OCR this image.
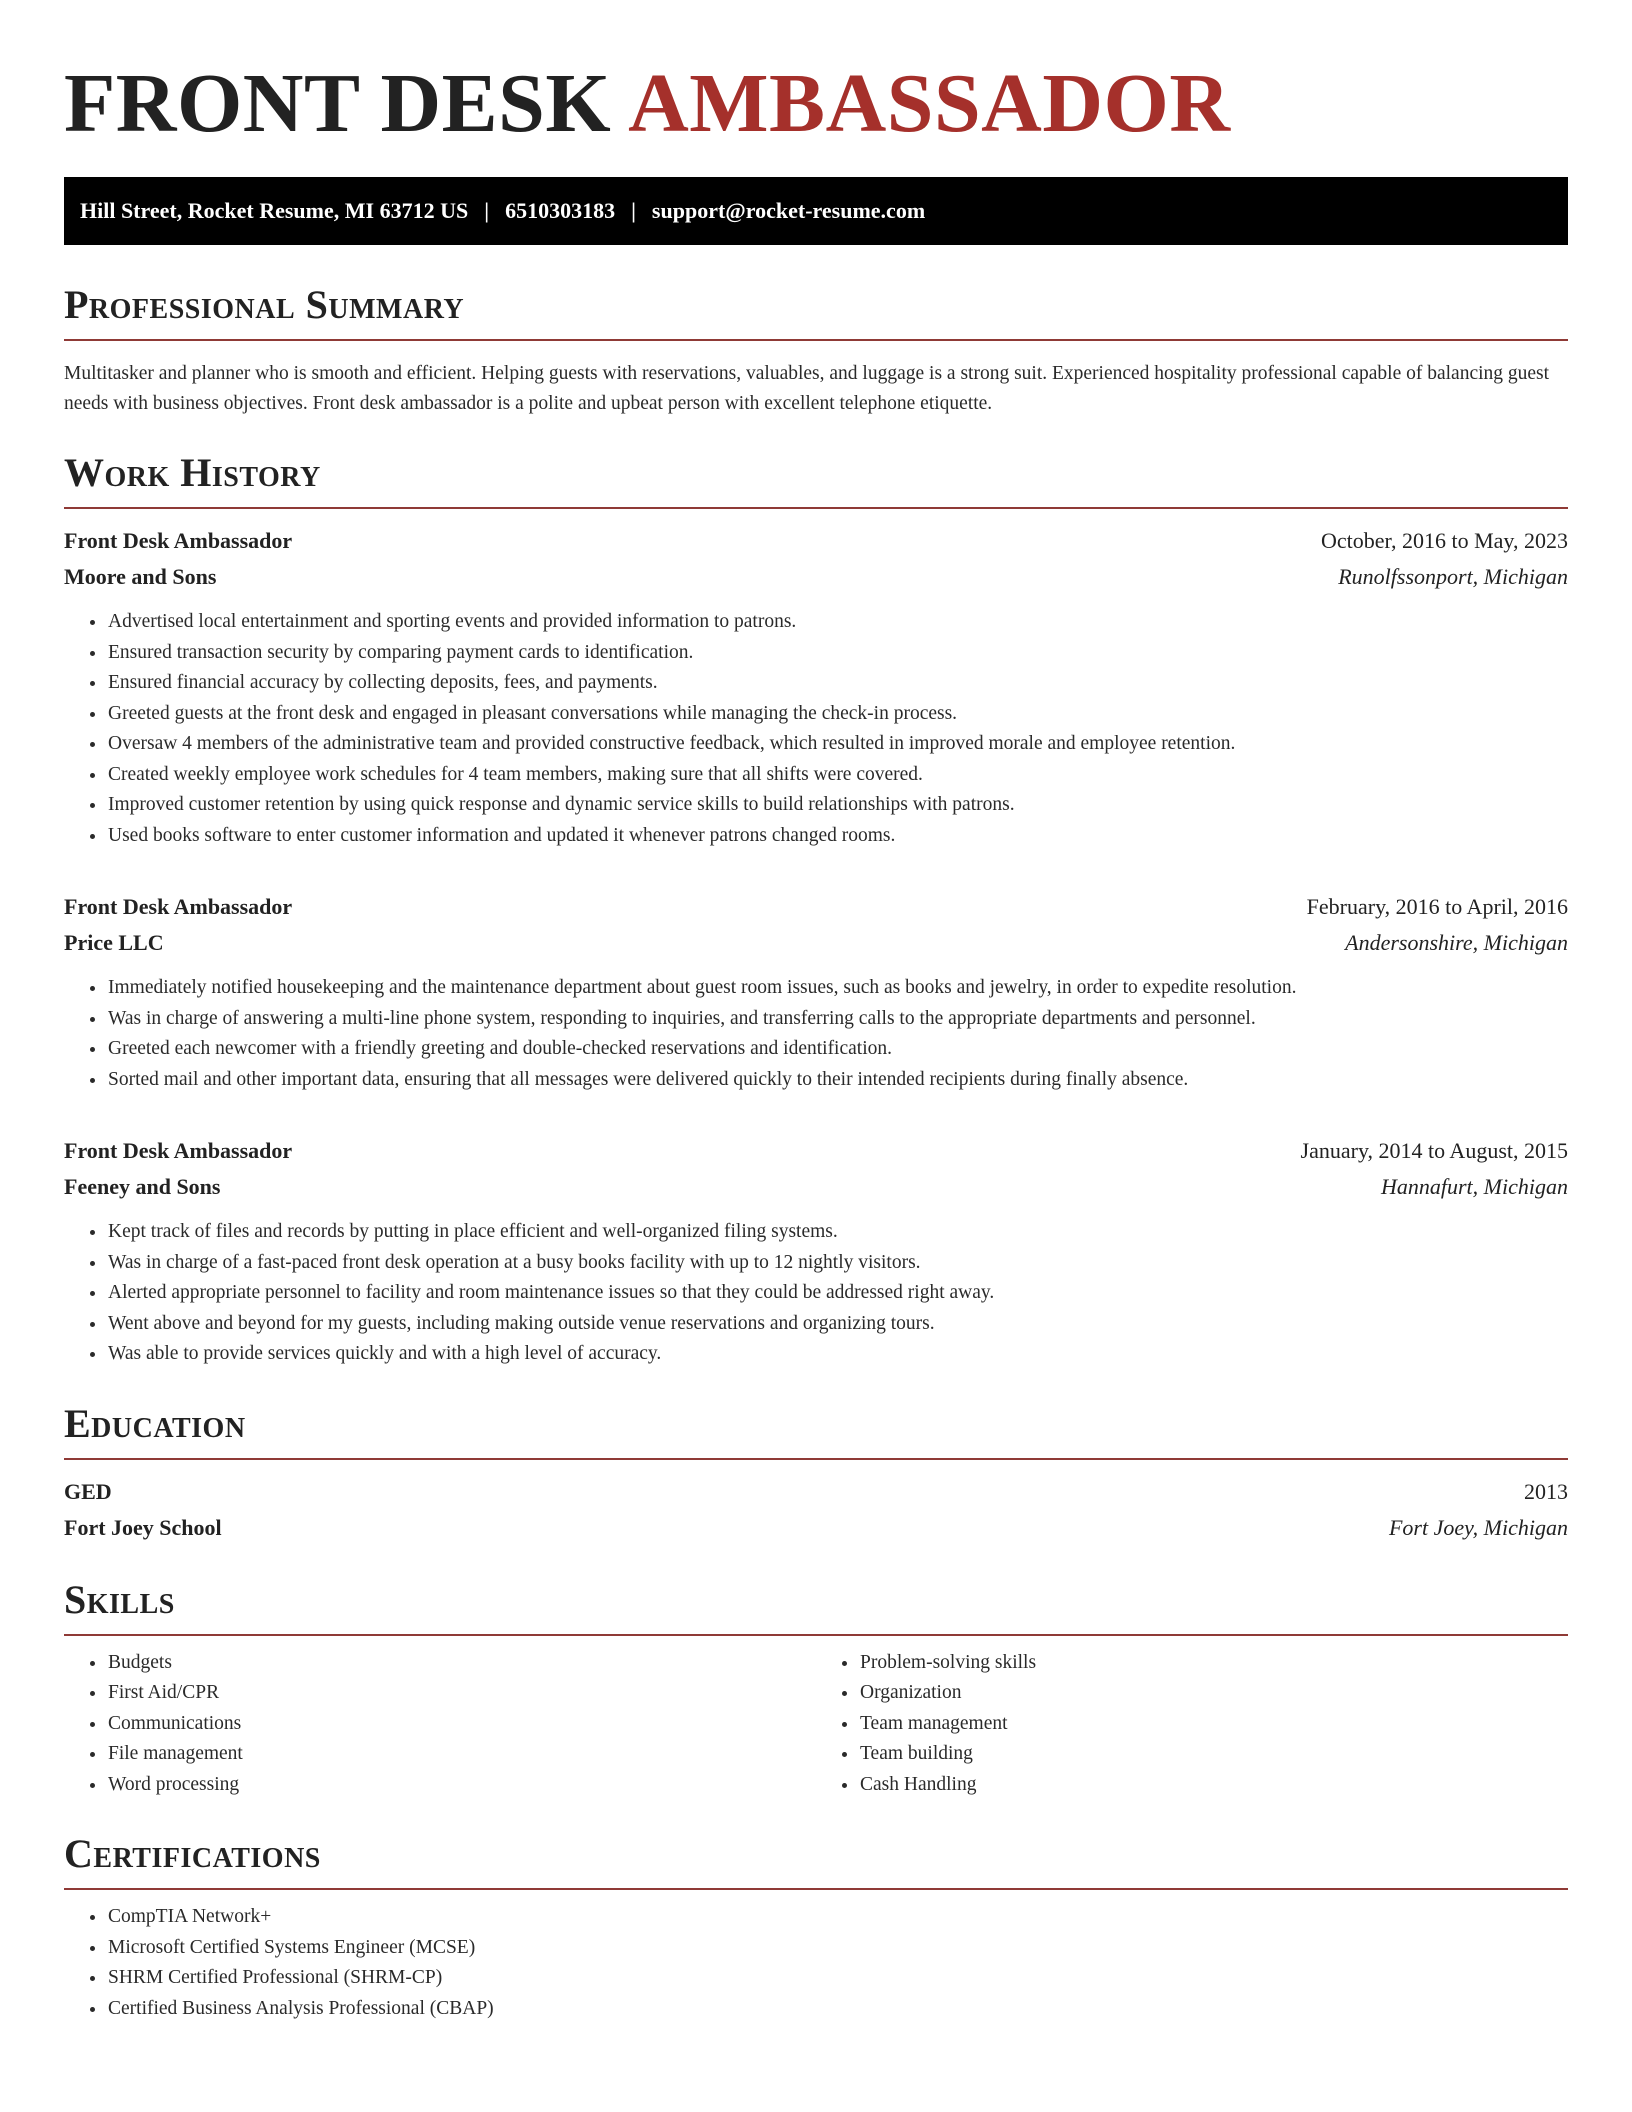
FRONT DESK AMBASSADOR
Hill Street, Rocket Resume, MI 63712 US | 6510303183 | support@rocket-resume.com
Professional Summary

Multitasker and planner who is smooth and efficient. Helping guests with reservations, valuables, and luggage is a strong suit. Experienced hospitality professional capable of balancing guest needs with business objectives. Front desk ambassador is a polite and upbeat person with excellent telephone etiquette.

Work History
Front Desk Ambassador	October, 2016 to May, 2023
Moore and Sons	Runolfssonport, Michigan
• Advertised local entertainment and sporting events and provided information to patrons.
• Ensured transaction security by comparing payment cards to identification.
• Ensured financial accuracy by collecting deposits, fees, and payments.
• Greeted guests at the front desk and engaged in pleasant conversations while managing the check-in process.
• Oversaw 4 members of the administrative team and provided constructive feedback, which resulted in improved morale and employee retention.
• Created weekly employee work schedules for 4 team members, making sure that all shifts were covered.
• Improved customer retention by using quick response and dynamic service skills to build relationships with patrons.
• Used books software to enter customer information and updated it whenever patrons changed rooms.
Front Desk Ambassador	February, 2016 to April, 2016
Price LLC	Andersonshire, Michigan
• Immediately notified housekeeping and the maintenance department about guest room issues, such as books and jewelry, in order to expedite resolution.
• Was in charge of answering a multi-line phone system, responding to inquiries, and transferring calls to the appropriate departments and personnel.
• Greeted each newcomer with a friendly greeting and double-checked reservations and identification.
• Sorted mail and other important data, ensuring that all messages were delivered quickly to their intended recipients during finally absence.
Front Desk Ambassador	January, 2014 to August, 2015
Feeney and Sons	Hannafurt, Michigan
• Kept track of files and records by putting in place efficient and well-organized filing systems.
• Was in charge of a fast-paced front desk operation at a busy books facility with up to 12 nightly visitors.
• Alerted appropriate personnel to facility and room maintenance issues so that they could be addressed right away.
• Went above and beyond for my guests, including making outside venue reservations and organizing tours.
• Was able to provide services quickly and with a high level of accuracy.
Education
GED	2013
Fort Joey School	Fort Joey, Michigan
Skills
• Budgets
• First Aid/CPR
• Communications
• File management
• Word processing
• Problem-solving skills
• Organization
• Team management
• Team building
• Cash Handling
Certifications
• CompTIA Network+
• Microsoft Certified Systems Engineer (MCSE)
• SHRM Certified Professional (SHRM-CP)
• Certified Business Analysis Professional (CBAP)
